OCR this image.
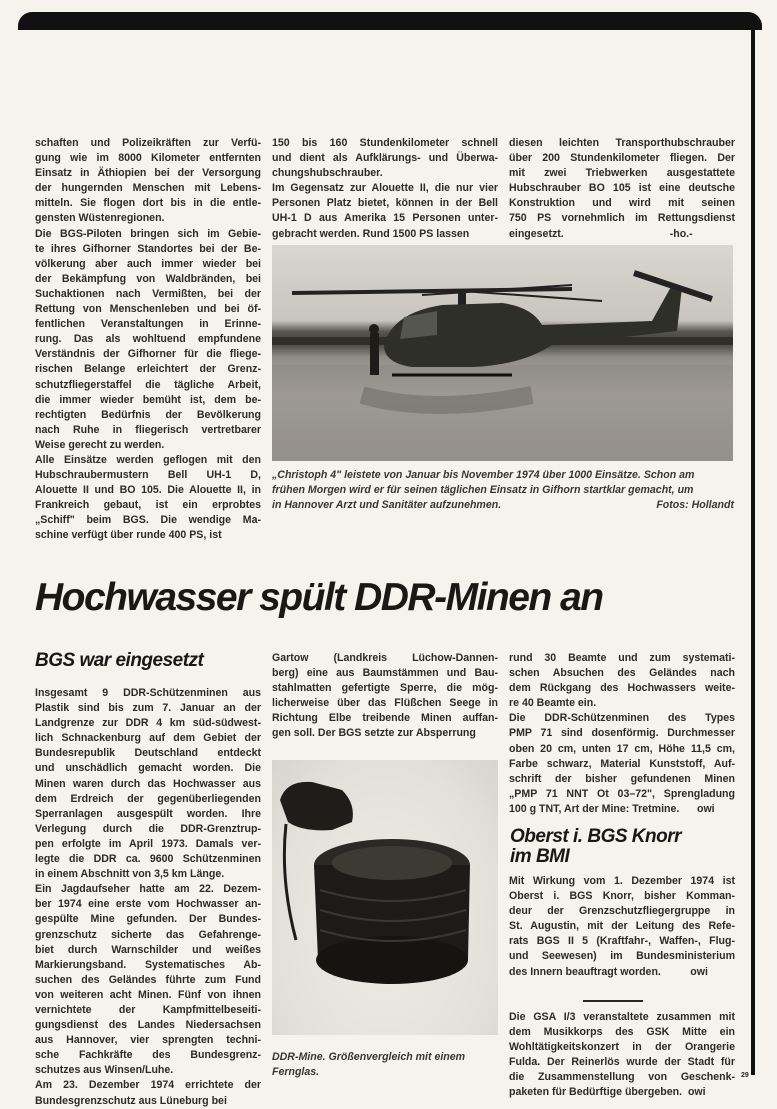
schaften und Polizeikräften zur Verfü-
gung wie im 8000 Kilometer entfernten
Einsatz in Äthiopien bei der Versorgung
der hungernden Menschen mit Lebens-
mitteln. Sie flogen dort bis in die entle-
gensten Wüstenregionen.
Die BGS-Piloten bringen sich im Gebie-
te ihres Gifhorner Standortes bei der Be-
völkerung aber auch immer wieder bei
der Bekämpfung von Waldbränden, bei
Suchaktionen nach Vermißten, bei der
Rettung von Menschenleben und bei öf-
fentlichen Veranstaltungen in Erinne-
rung. Das als wohltuend empfundene
Verständnis der Gifhorner für die fliege-
rischen Belange erleichtert der Grenz-
schutzfliegerstaffel die tägliche Arbeit,
die immer wieder bemüht ist, dem be-
rechtigten Bedürfnis der Bevölkerung
nach Ruhe in fliegerisch vertretbarer
Weise gerecht zu werden.
Alle Einsätze werden geflogen mit den
Hubschraubermustern Bell UH-1 D,
Alouette II und BO 105. Die Alouette II, in
Frankreich gebaut, ist ein erprobtes
„Schiff" beim BGS. Die wendige Ma-
schine verfügt über runde 400 PS, ist
150 bis 160 Stundenkilometer schnell
und dient als Aufklärungs- und Überwa-
chungshubschrauber.
Im Gegensatz zur Alouette II, die nur vier
Personen Platz bietet, können in der Bell
UH-1 D aus Amerika 15 Personen unter-
gebracht werden. Rund 1500 PS lassen
diesen leichten Transporthubschrauber
über 200 Stundenkilometer fliegen. Der
mit zwei Triebwerken ausgestattete
Hubschrauber BO 105 ist eine deutsche
Konstruktion und wird mit seinen
750 PS vornehmlich im Rettungsdienst
eingesetzt.                                    -ho.-
„Christoph 4" leistete von Januar bis November 1974 über 1000 Einsätze. Schon am
frühen Morgen wird er für seinen täglichen Einsatz in Gifhorn startklar gemacht, um
in Hannover Arzt und Sanitäter aufzunehmen.	Fotos: Hollandt
Hochwasser spült DDR-Minen an
BGS war eingesetzt
Insgesamt 9 DDR-Schützenminen aus
Plastik sind bis zum 7. Januar an der
Landgrenze zur DDR 4 km süd-südwest-
lich Schnackenburg auf dem Gebiet der
Bundesrepublik Deutschland entdeckt
und unschädlich gemacht worden. Die
Minen waren durch das Hochwasser aus
dem Erdreich der gegenüberliegenden
Sperranlagen ausgespült worden. Ihre
Verlegung durch die DDR-Grenztrup-
pen erfolgte im April 1973. Damals ver-
legte die DDR ca. 9600 Schützenminen
in einem Abschnitt von 3,5 km Länge.
Ein Jagdaufseher hatte am 22. Dezem-
ber 1974 eine erste vom Hochwasser an-
gespülte Mine gefunden. Der Bundes-
grenzschutz sicherte das Gefahrenge-
biet durch Warnschilder und weißes
Markierungsband. Systematisches Ab-
suchen des Geländes führte zum Fund
von weiteren acht Minen. Fünf von ihnen
vernichtete der Kampfmittelbeseiti-
gungsdienst des Landes Niedersachsen
aus Hannover, vier sprengten techni-
sche Fachkräfte des Bundesgrenz-
schutzes aus Winsen/Luhe.
Am 23. Dezember 1974 errichtete der
Bundesgrenzschutz aus Lüneburg bei
Gartow (Landkreis Lüchow-Dannen-
berg) eine aus Baumstämmen und Bau-
stahlmatten gefertigte Sperre, die mög-
licherweise über das Flüßchen Seege in
Richtung Elbe treibende Minen auffan-
gen soll. Der BGS setzte zur Absperrung
rund 30 Beamte und zum systemati-
schen Absuchen des Geländes nach
dem Rückgang des Hochwassers weite-
re 40 Beamte ein.
Die DDR-Schützenminen des Types
PMP 71 sind dosenförmig. Durchmesser
oben 20 cm, unten 17 cm, Höhe 11,5 cm,
Farbe schwarz, Material Kunststoff, Auf-
schrift der bisher gefundenen Minen
„PMP 71 NNT Ot 03–72", Sprengladung
100 g TNT, Art der Mine: Tretmine.      owi
DDR-Mine. Größenvergleich mit einem
Fernglas.
Oberst i. BGS Knorr
im BMI
Mit Wirkung vom 1. Dezember 1974 ist
Oberst i. BGS Knorr, bisher Komman-
deur der Grenzschutzfliegergruppe in
St. Augustin, mit der Leitung des Refe-
rats BGS II 5 (Kraftfahr-, Waffen-, Flug-
und Seewesen) im Bundesministerium
des Innern beauftragt worden.          owi
Die GSA I/3 veranstaltete zusammen mit
dem Musikkorps des GSK Mitte ein
Wohltätigkeitskonzert in der Orangerie
Fulda. Der Reinerlös wurde der Stadt für
die Zusammenstellung von Geschenk-
paketen für Bedürftige übergeben.  owi
29
